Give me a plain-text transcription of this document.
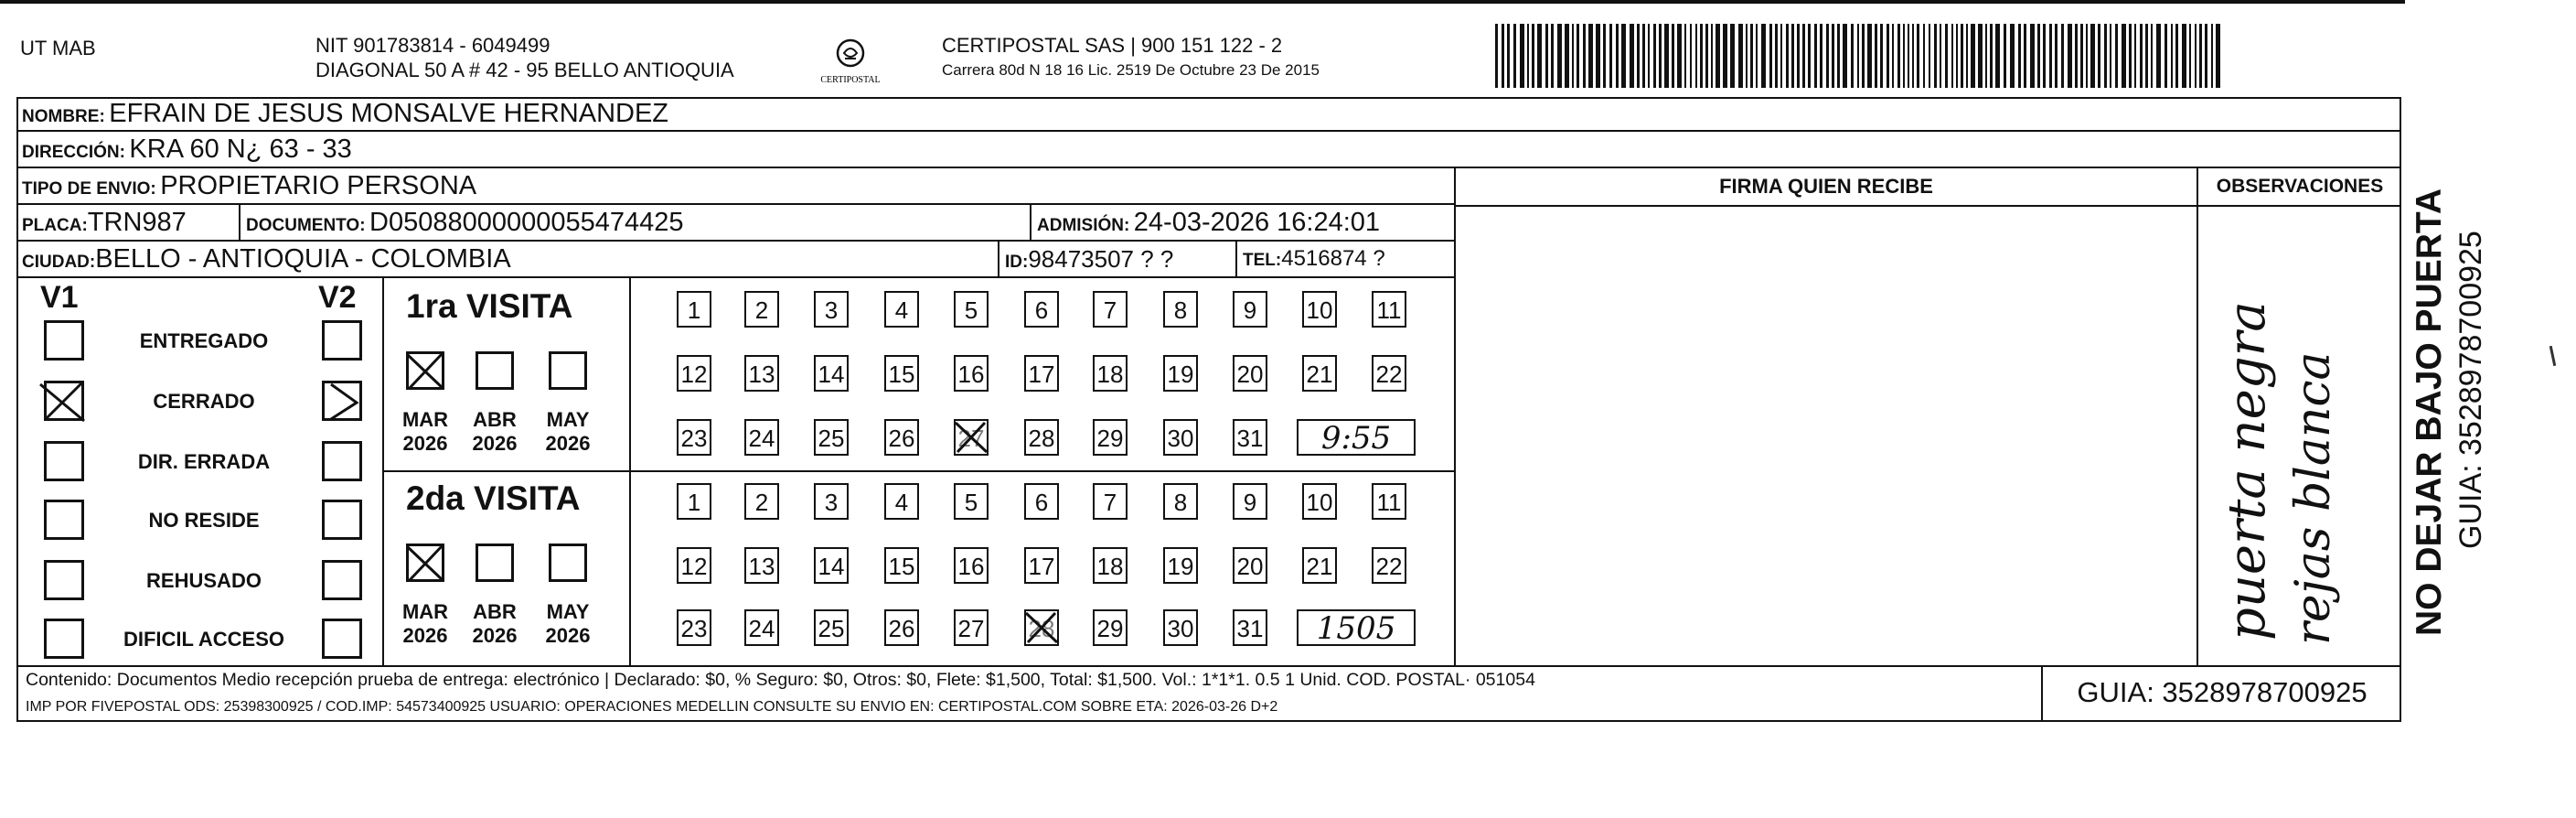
UT MAB	NIT 901783814 - 6049499
DIAGONAL 50 A # 42 - 95 BELLO ANTIOQUIA	CERTIPOSTAL
CERTIPOSTAL SAS | 900 151 122 - 2
Carrera 80d N 18 16 Lic. 2519 De Octubre 23 De 2015
NOMBRE: EFRAIN DE JESUS MONSALVE HERNANDEZ
DIRECCIÓN: KRA 60 N¿ 63 - 33
TIPO DE ENVIO: PROPIETARIO PERSONA
PLACA:TRN987	DOCUMENTO: D05088000000055474425	ADMISIÓN: 24-03-2026 16:24:01
CIUDAD:BELLO - ANTIOQUIA - COLOMBIA	ID:98473507 ? ?	TEL:4516874 ?
FIRMA QUIEN RECIBE	OBSERVACIONES
puerta negra rejas blanca
V1	V2
ENTREGADO
CERRADO
DIR. ERRADA
NO RESIDE
REHUSADO
DIFICIL ACCESO
1ra VISITA
2da VISITA
MAR
2026
ABR
2026
MAY
2026
MAR
2026
ABR
2026
MAY
2026
1	2	3	4	5	6	7	8	9	10 11
12 13 14 15 16 17 18 19 20 21 22
23 24 25 26 27 28 29 30 31	9:55
1	2	3	4	5	6	7	8	9	10 11
12 13 14 15 16 17 18 19 20 21 22
23 24 25 26 27 28 29 30 31	1505
Contenido: Documentos Medio recepción prueba de entrega: electrónico | Declarado: $0, % Seguro: $0, Otros: $0, Flete: $1,500, Total: $1,500. Vol.: 1*1*1. 0.5 1 Unid. COD. POSTAL· 051054
IMP POR FIVEPOSTAL ODS: 25398300925 / COD.IMP: 54573400925 USUARIO: OPERACIONES MEDELLIN CONSULTE SU ENVIO EN: CERTIPOSTAL.COM SOBRE ETA: 2026-03-26 D+2	GUIA: 3528978700925
NO DEJAR BAJO PUERTA GUIA: 3528978700925
